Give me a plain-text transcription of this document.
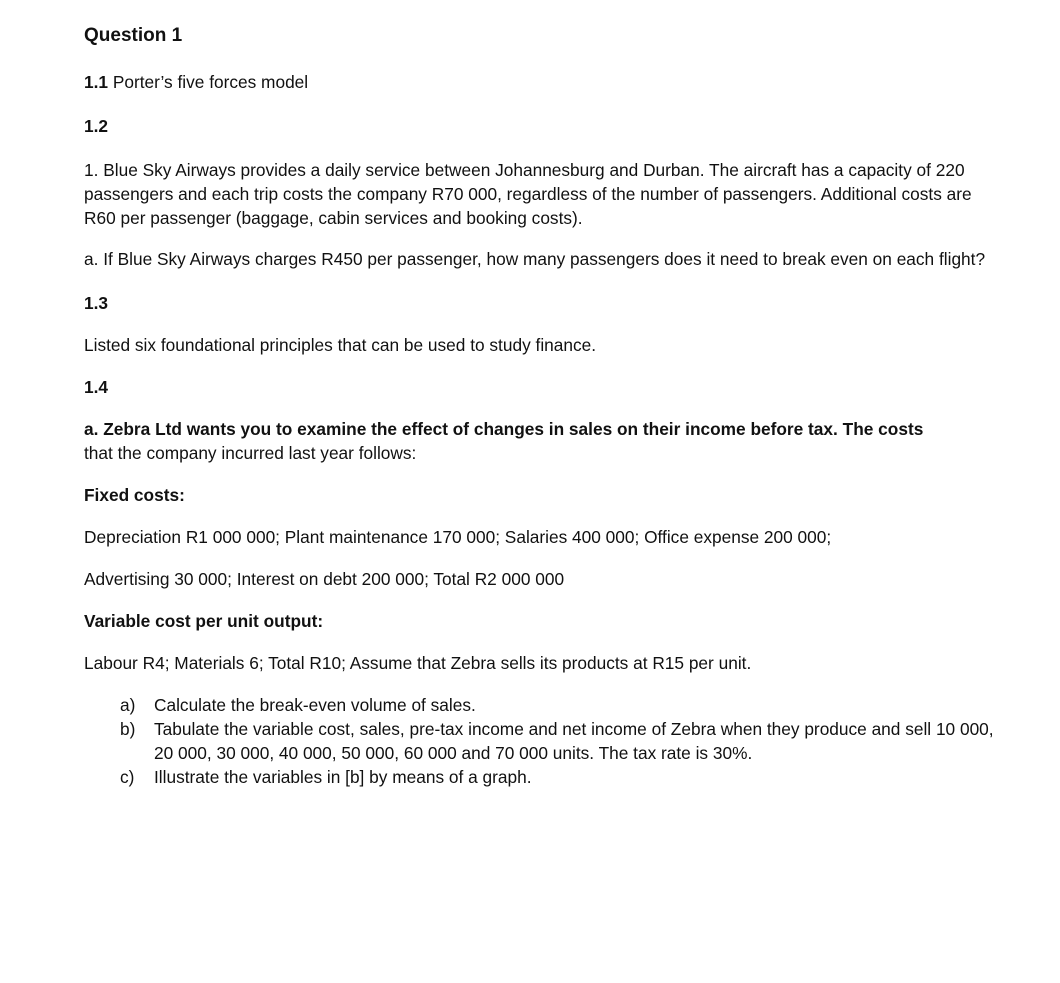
Question 1

1.1 Porter’s five forces model

1.2

1. Blue Sky Airways provides a daily service between Johannesburg and Durban. The aircraft has a capacity of 220 passengers and each trip costs the company R70 000, regardless of the number of passengers. Additional costs are R60 per passenger (baggage, cabin services and booking costs).

a. If Blue Sky Airways charges R450 per passenger, how many passengers does it need to break even on each flight?

1.3

Listed six foundational principles that can be used to study finance.

1.4

a. Zebra Ltd wants you to examine the effect of changes in sales on their income before tax. The costs
that the company incurred last year follows:

Fixed costs:

Depreciation R1 000 000; Plant maintenance 170 000; Salaries 400 000; Office expense 200 000;

Advertising 30 000; Interest on debt 200 000; Total R2 000 000

Variable cost per unit output:

Labour R4; Materials 6; Total R10; Assume that Zebra sells its products at R15 per unit.

a) Calculate the break-even volume of sales.
b) Tabulate the variable cost, sales, pre-tax income and net income of Zebra when they produce and sell 10 000, 20 000, 30 000, 40 000, 50 000, 60 000 and 70 000 units. The tax rate is 30%.
c) Illustrate the variables in [b] by means of a graph.
